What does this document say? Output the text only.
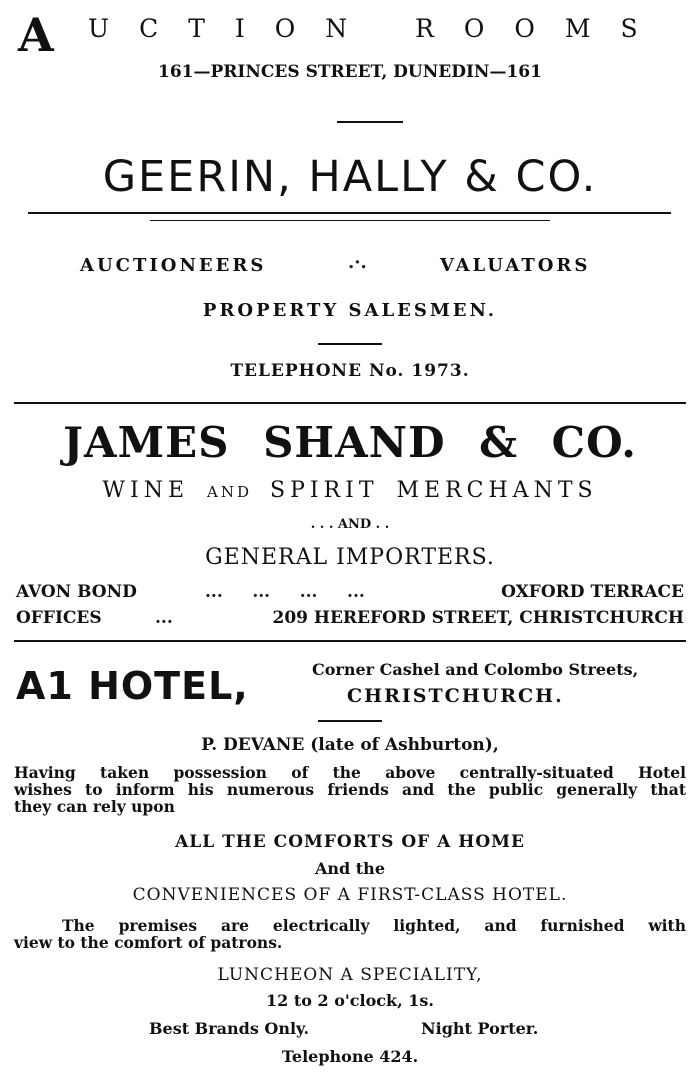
A UCTION ROOMS
161—PRINCES STREET, DUNEDIN—161
GEERIN, HALLY & CO.
AUCTIONEERS	.·.	VALUATORS
PROPERTY SALESMEN.
TELEPHONE No. 1973.
JAMES SHAND & CO.
WINE AND SPIRIT MERCHANTS
. . . AND . .
GENERAL IMPORTERS.
AVON BOND	...     ...     ...     ...	OXFORD TERRACE
OFFICES	...	209 HEREFORD STREET, CHRISTCHURCH
A1 HOTEL,	Corner Cashel and Colombo Streets,
CHRISTCHURCH.
P. DEVANE (late of Ashburton),
Having taken possession of the above centrally-situated Hotel
wishes to inform his numerous friends and the public generally that
they can rely upon
ALL THE COMFORTS OF A HOME
And the
CONVENIENCES OF A FIRST-CLASS HOTEL.
The premises are electrically lighted, and furnished with
view to the comfort of patrons.
LUNCHEON A SPECIALITY,
12 to 2 o'clock, 1s.
Best Brands Only.	Night Porter.
Telephone 424.
